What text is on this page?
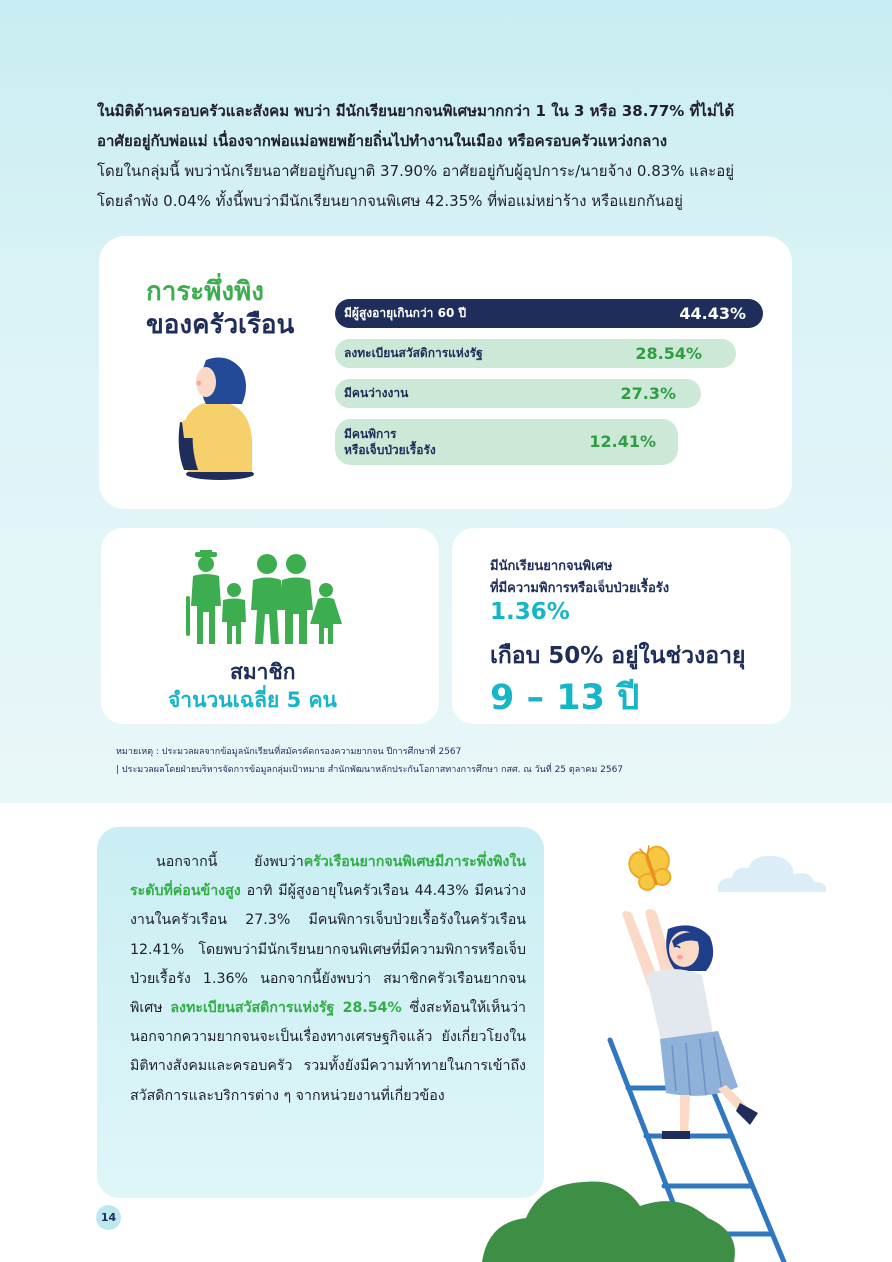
ในมิติด้านครอบครัวและสังคม พบว่า มีนักเรียนยากจนพิเศษมากกว่า 1 ใน 3 หรือ 38.77% ที่ไม่ได้
อาศัยอยู่กับพ่อแม่ เนื่องจากพ่อแม่อพยพย้ายถิ่นไปทำงานในเมือง หรือครอบครัวแหว่งกลาง
โดยในกลุ่มนี้ พบว่านักเรียนอาศัยอยู่กับญาติ 37.90% อาศัยอยู่กับผู้อุปการะ/นายจ้าง 0.83% และอยู่
โดยลำพัง 0.04% ทั้งนี้พบว่ามีนักเรียนยากจนพิเศษ 42.35% ที่พ่อแม่หย่าร้าง หรือแยกกันอยู่
การะพึ่งพิง
ของครัวเรือน	มีผู้สูงอายุเกินกว่า 60 ปี	44.43%
ลงทะเบียนสวัสดิการแห่งรัฐ	28.54%
มีคนว่างงาน	27.3%
มีคนพิการ
หรือเจ็บป่วยเรื้อรัง	12.41%
สมาชิก
จำนวนเฉลี่ย 5 คน
มีนักเรียนยากจนพิเศษ
ที่มีความพิการหรือเจ็บป่วยเรื้อรัง
1.36%
เกือบ 50% อยู่ในช่วงอายุ
9 – 13 ปี
หมายเหตุ : ประมวลผลจากข้อมูลนักเรียนที่สมัครคัดกรองความยากจน ปีการศึกษาที่ 2567
| ประมวลผลโดยฝ่ายบริหารจัดการข้อมูลกลุ่มเป้าหมาย สำนักพัฒนาหลักประกันโอกาสทางการศึกษา กสศ. ณ วันที่ 25 ตุลาคม 2567
นอกจากนี้ ยังพบว่าครัวเรือนยากจนพิเศษมีภาระพึ่งพิงในระดับที่ค่อนข้างสูง อาทิ มีผู้สูงอายุในครัวเรือน 44.43% มีคนว่างงานในครัวเรือน 27.3% มีคนพิการเจ็บป่วยเรื้อรังในครัวเรือน 12.41% โดยพบว่ามีนักเรียนยากจนพิเศษที่มีความพิการหรือเจ็บป่วยเรื้อรัง 1.36% นอกจากนี้ยังพบว่า สมาชิกครัวเรือนยากจนพิเศษ ลงทะเบียนสวัสดิการแห่งรัฐ 28.54% ซึ่งสะท้อนให้เห็นว่า นอกจากความยากจนจะเป็นเรื่องทางเศรษฐกิจแล้ว ยังเกี่ยวโยงในมิติทางสังคมและครอบครัว รวมทั้งยังมีความท้าทายในการเข้าถึงสวัสดิการและบริการต่าง ๆ จากหน่วยงานที่เกี่ยวข้อง
14
